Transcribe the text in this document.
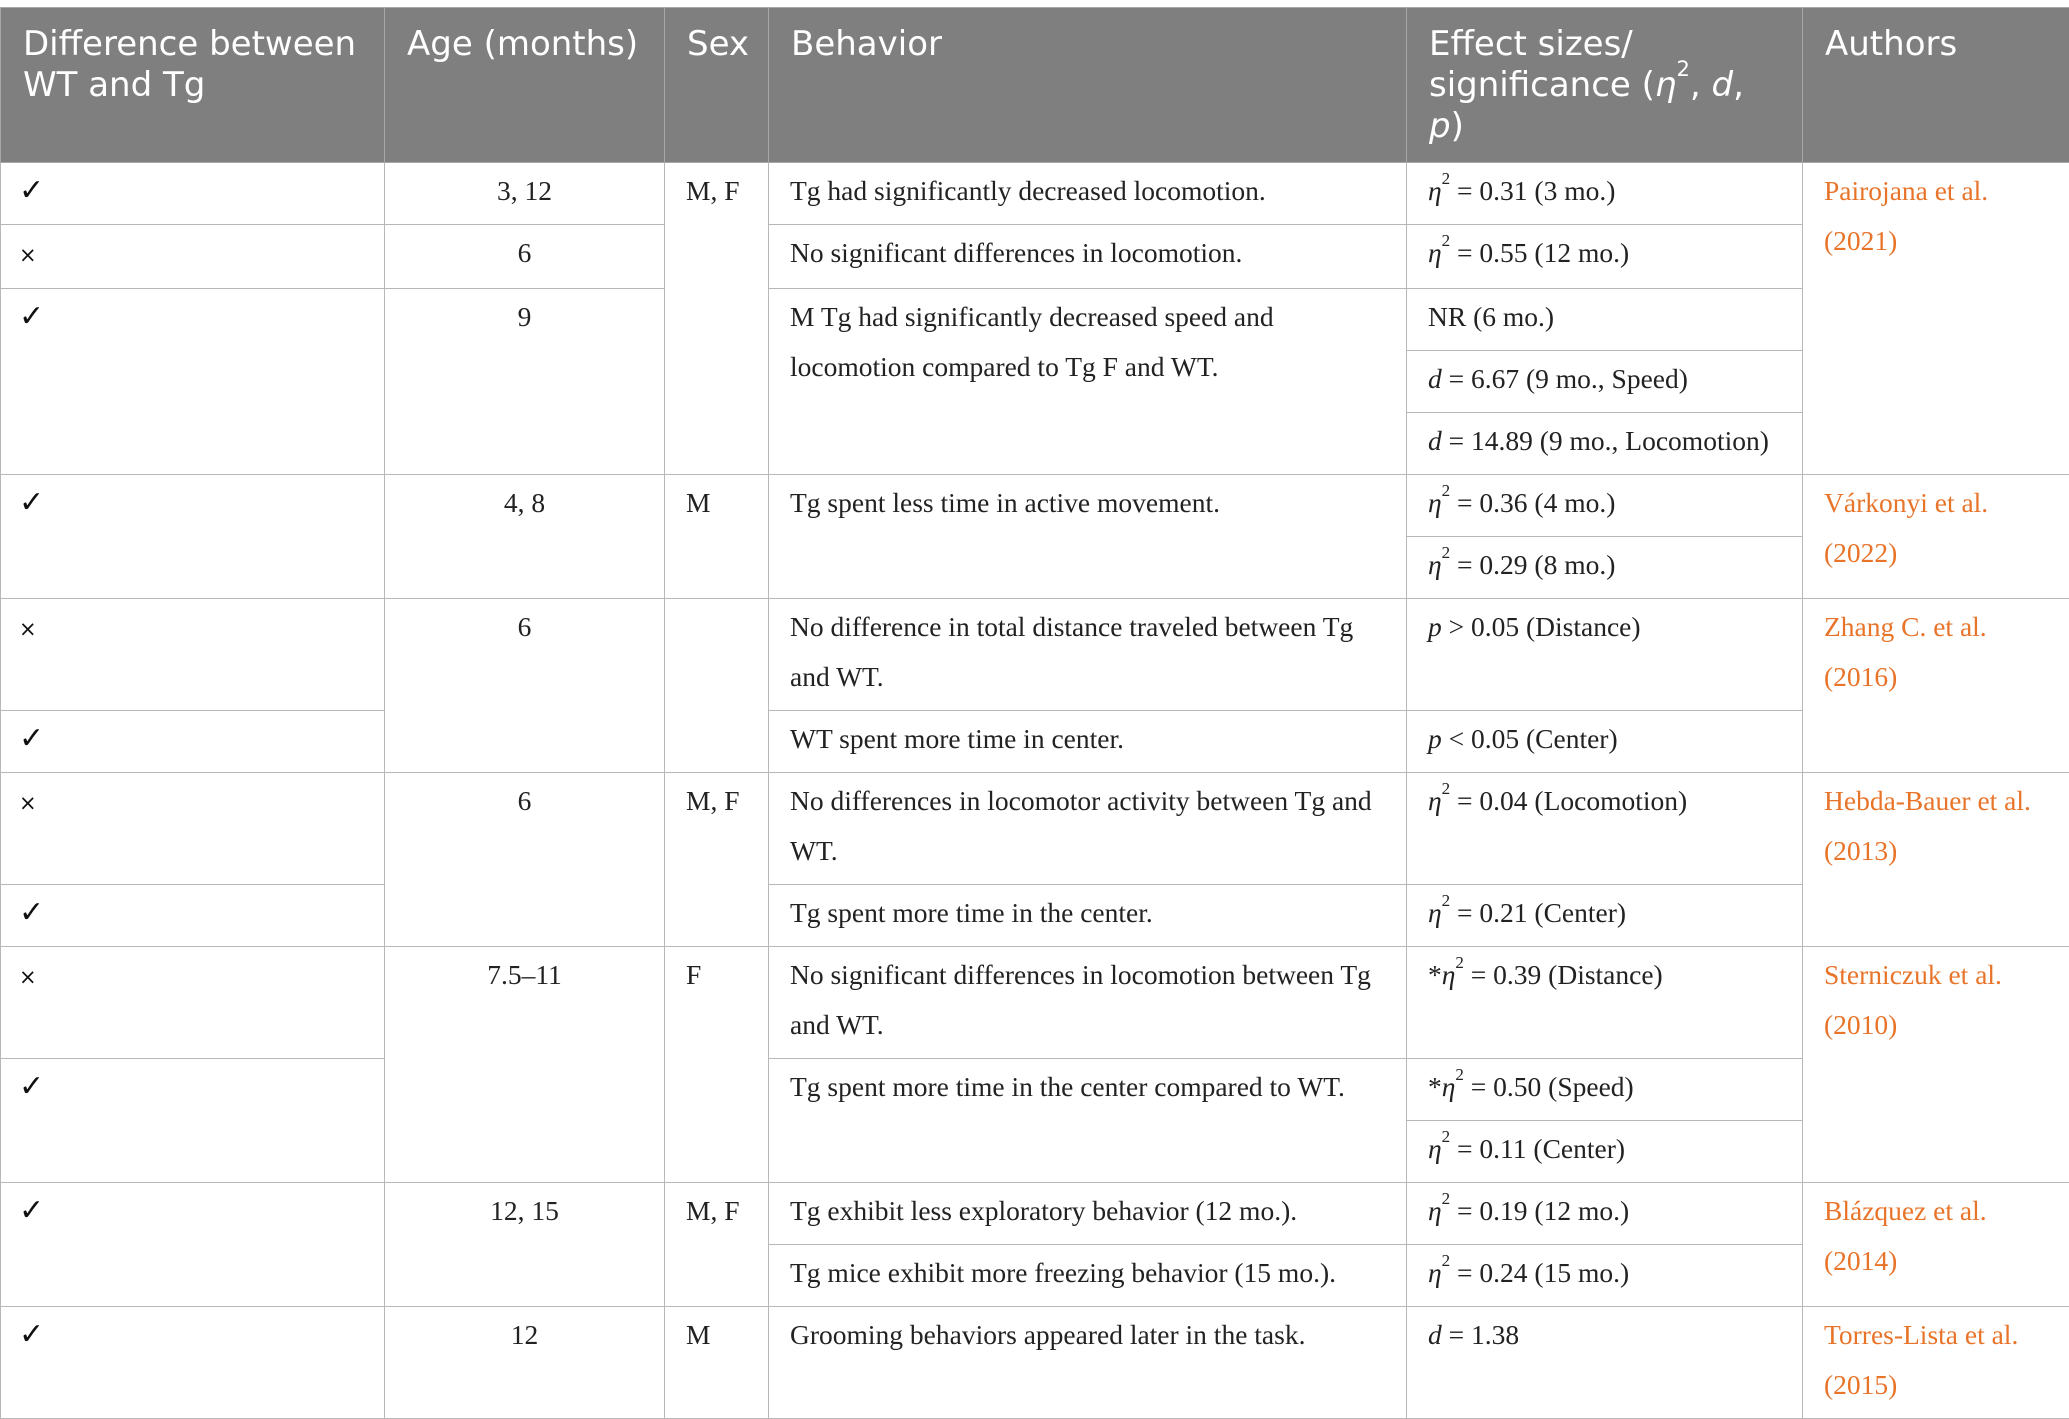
Difference between WT and Tg	Age (months)	Sex	Behavior	Effect sizes/
significance ($\eta^2$, d, p)	Authors
✓	3, 12	M, F	Tg had significantly decreased locomotion.	$\eta^2 = 0.31$ (3 mo.)	Pairojana et al.
(2021)
×	6		No significant differences in locomotion.	$\eta^2 = 0.55$ (12 mo.)	
✓	9		M Tg had significantly decreased speed and locomotion compared to Tg F and WT.	NR (6 mo.)	
				d = 6.67 (9 mo., Speed)	
				d = 14.89 (9 mo., Locomotion)	
✓	4, 8	M	Tg spent less time in active movement.	$\eta^2 = 0.36$ (4 mo.)	Várkonyi et al.
(2022)
				$\eta^2 = 0.29$ (8 mo.)	
×	6		No difference in total distance traveled between Tg and WT.	p > 0.05 (Distance)	Zhang C. et al.
(2016)
✓			WT spent more time in center.	p < 0.05 (Center)	
×	6	M, F	No differences in locomotor activity between Tg and WT.	$\eta^2 = 0.04$ (Locomotion)	Hebda-Bauer et al.
(2013)
✓			Tg spent more time in the center.	$\eta^2 = 0.21$ (Center)	
×	7.5–11	F	No significant differences in locomotion between Tg and WT.	$*\eta^2 = 0.39$ (Distance)	Sterniczuk et al.
(2010)
✓			Tg spent more time in the center compared to WT.	$*\eta^2 = 0.50$ (Speed)	
				$\eta^2 = 0.11$ (Center)	
✓	12, 15	M, F	Tg exhibit less exploratory behavior (12 mo.).	$\eta^2 = 0.19$ (12 mo.)	Blázquez et al.
(2014)
			Tg mice exhibit more freezing behavior (15 mo.).	$\eta^2 = 0.24$ (15 mo.)	
✓	12	M	Grooming behaviors appeared later in the task.	d = 1.38	Torres-Lista et al.
(2015)
